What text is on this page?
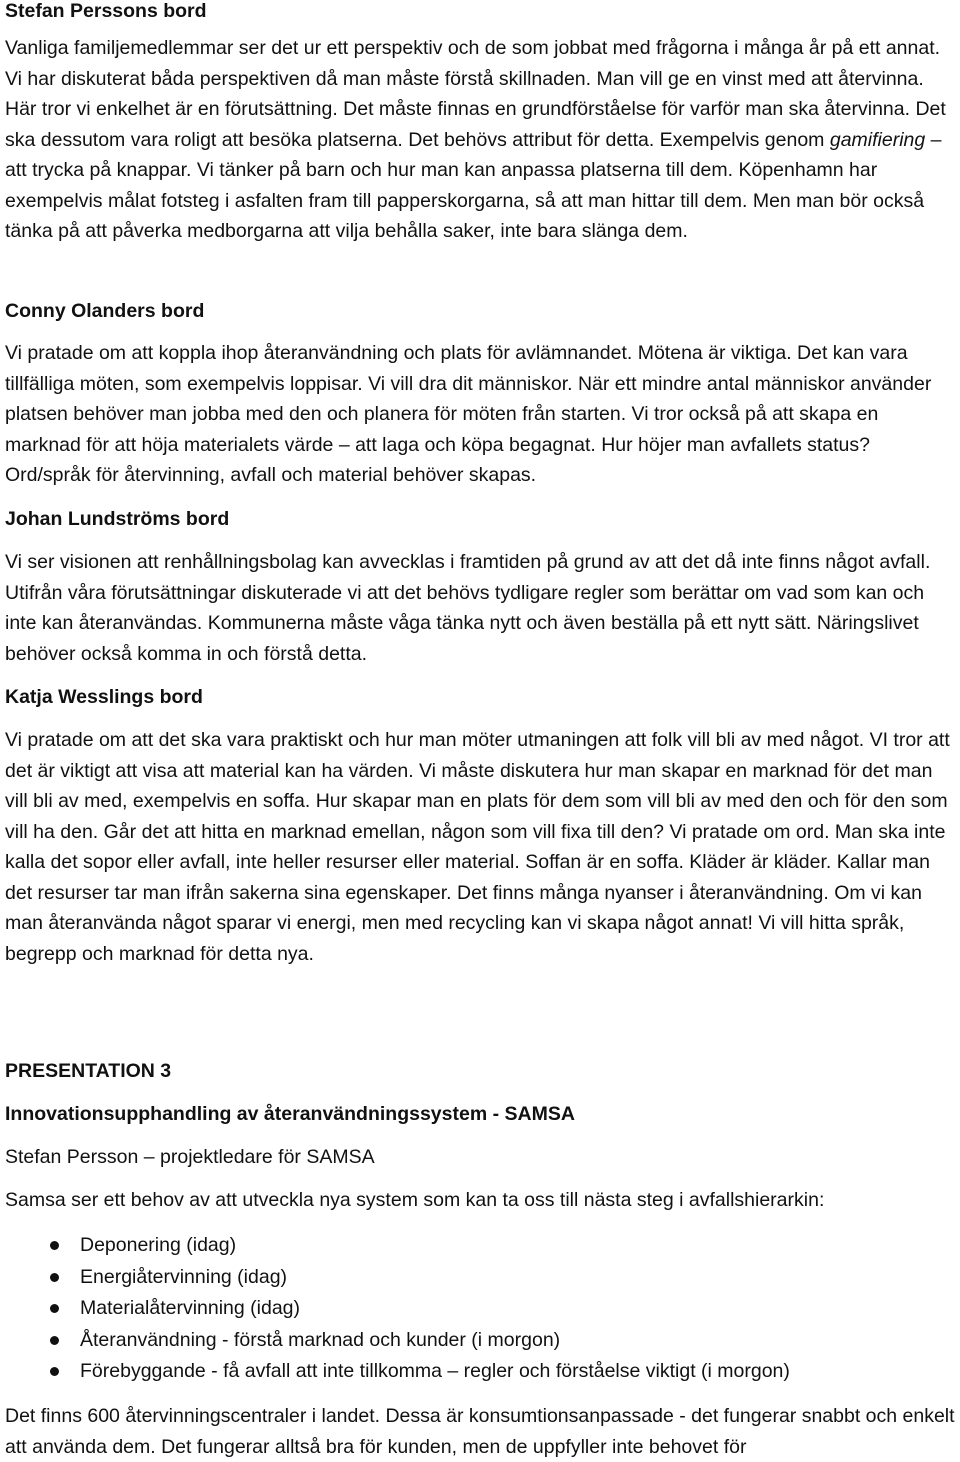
Stefan Perssons bord

Vanliga familjemedlemmar ser det ur ett perspektiv och de som jobbat med frågorna i många år på ett annat. Vi har diskuterat båda perspektiven då man måste förstå skillnaden. Man vill ge en vinst med att återvinna. Här tror vi enkelhet är en förutsättning. Det måste finnas en grundförståelse för varför man ska återvinna. Det ska dessutom vara roligt att besöka platserna. Det behövs attribut för detta. Exempelvis genom gamifiering – att trycka på knappar. Vi tänker på barn och hur man kan anpassa platserna till dem. Köpenhamn har exempelvis målat fotsteg i asfalten fram till papperskorgarna, så att man hittar till dem. Men man bör också tänka på att påverka medborgarna att vilja behålla saker, inte bara slänga dem.

Conny Olanders bord

Vi pratade om att koppla ihop återanvändning och plats för avlämnandet. Mötena är viktiga. Det kan vara tillfälliga möten, som exempelvis loppisar. Vi vill dra dit människor. När ett mindre antal människor använder platsen behöver man jobba med den och planera för möten från starten. Vi tror också på att skapa en marknad för att höja materialets värde – att laga och köpa begagnat. Hur höjer man avfallets status? Ord/språk för återvinning, avfall och material behöver skapas.

Johan Lundströms bord

Vi ser visionen att renhållningsbolag kan avvecklas i framtiden på grund av att det då inte finns något avfall. Utifrån våra förutsättningar diskuterade vi att det behövs tydligare regler som berättar om vad som kan och inte kan återanvändas. Kommunerna måste våga tänka nytt och även beställa på ett nytt sätt. Näringslivet behöver också komma in och förstå detta.

Katja Wesslings bord

Vi pratade om att det ska vara praktiskt och hur man möter utmaningen att folk vill bli av med något. VI tror att det är viktigt att visa att material kan ha värden. Vi måste diskutera hur man skapar en marknad för det man vill bli av med, exempelvis en soffa. Hur skapar man en plats för dem som vill bli av med den och för den som vill ha den. Går det att hitta en marknad emellan, någon som vill fixa till den? Vi pratade om ord. Man ska inte kalla det sopor eller avfall, inte heller resurser eller material. Soffan är en soffa. Kläder är kläder. Kallar man det resurser tar man ifrån sakerna sina egenskaper. Det finns många nyanser i återanvändning. Om vi kan man återanvända något sparar vi energi, men med recycling kan vi skapa något annat! Vi vill hitta språk, begrepp och marknad för detta nya.

PRESENTATION 3
Innovationsupphandling av återanvändningssystem - SAMSA

Stefan Persson – projektledare för SAMSA

Samsa ser ett behov av att utveckla nya system som kan ta oss till nästa steg i avfallshierarkin:

Deponering (idag)
Energiåtervinning (idag)
Materialåtervinning (idag)
Återanvändning - förstå marknad och kunder (i morgon)
Förebyggande - få avfall att inte tillkomma – regler och förståelse viktigt (i morgon)

Det finns 600 återvinningscentraler i landet. Dessa är konsumtionsanpassade - det fungerar snabbt och enkelt att använda dem. Det fungerar alltså bra för kunden, men de uppfyller inte behovet för
